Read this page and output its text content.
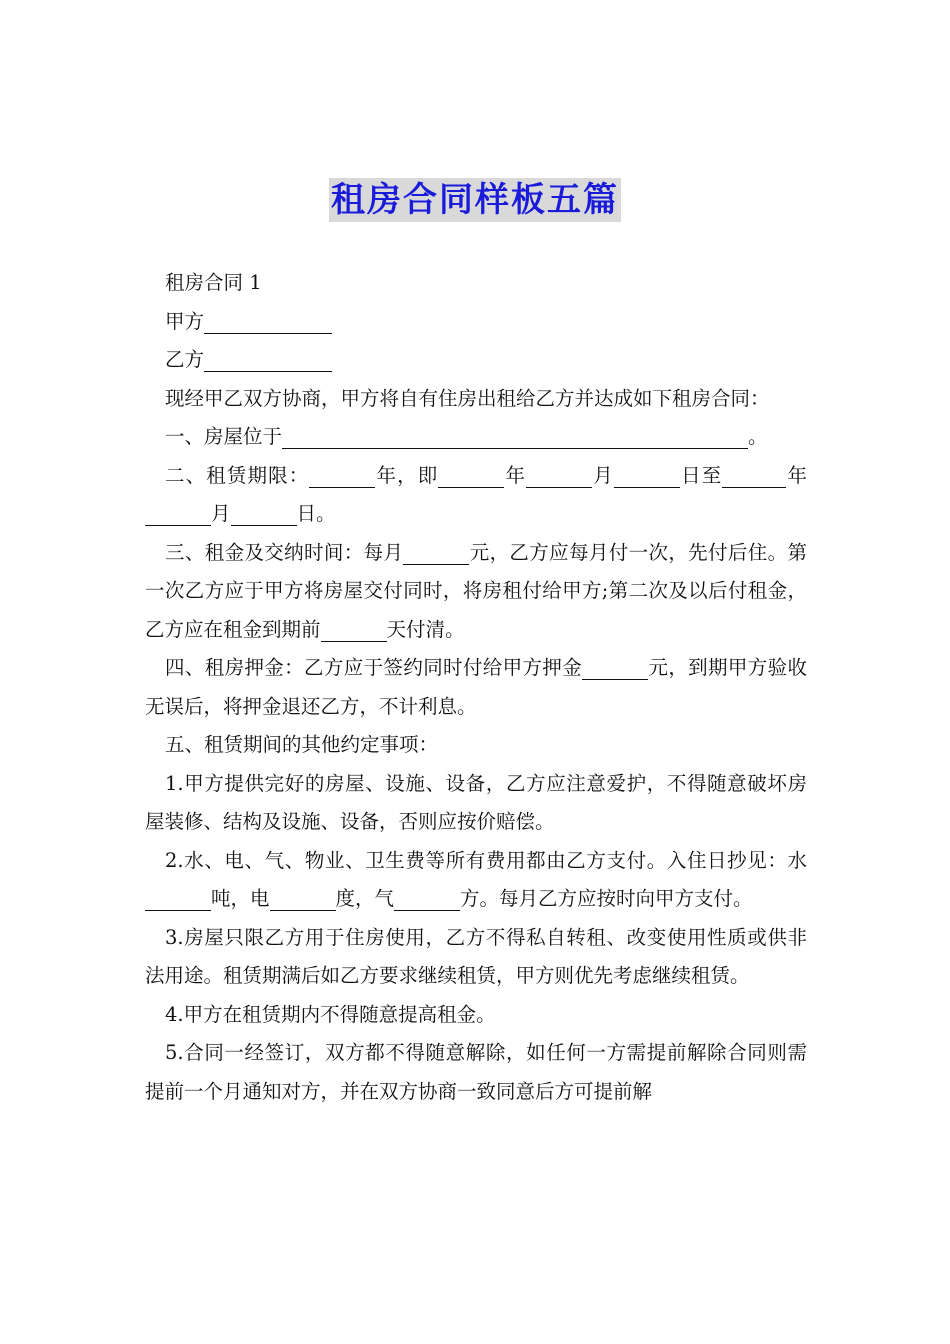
租房合同样板五篇

租房合同 1

甲方

乙方

现经甲乙双方协商，甲方将自有住房出租给乙方并达成如下租房合同：

一、房屋位于	。

二、租赁期限：	年，即	年	月	日至	年月	日。

三、租金及交纳时间：每月	元，乙方应每月付一次，先付后住。第一次乙方应于甲方将房屋交付同时，将房租付给甲方;第二次及以后付租金，乙方应在租金到期前	天付清。

四、租房押金：乙方应于签约同时付给甲方押金	元，到期甲方验收无误后，将押金退还乙方，不计利息。

五、租赁期间的其他约定事项：

1.甲方提供完好的房屋、设施、设备，乙方应注意爱护，不得随意破坏房屋装修、结构及设施、设备，否则应按价赔偿。

2.水、电、气、物业、卫生费等所有费用都由乙方支付。入住日抄见：水吨，电	度，气	方。每月乙方应按时向甲方支付。

3.房屋只限乙方用于住房使用，乙方不得私自转租、改变使用性质或供非法用途。租赁期满后如乙方要求继续租赁，甲方则优先考虑继续租赁。

4.甲方在租赁期内不得随意提高租金。

5.合同一经签订，双方都不得随意解除，如任何一方需提前解除合同则需提前一个月通知对方，并在双方协商一致同意后方可提前解
